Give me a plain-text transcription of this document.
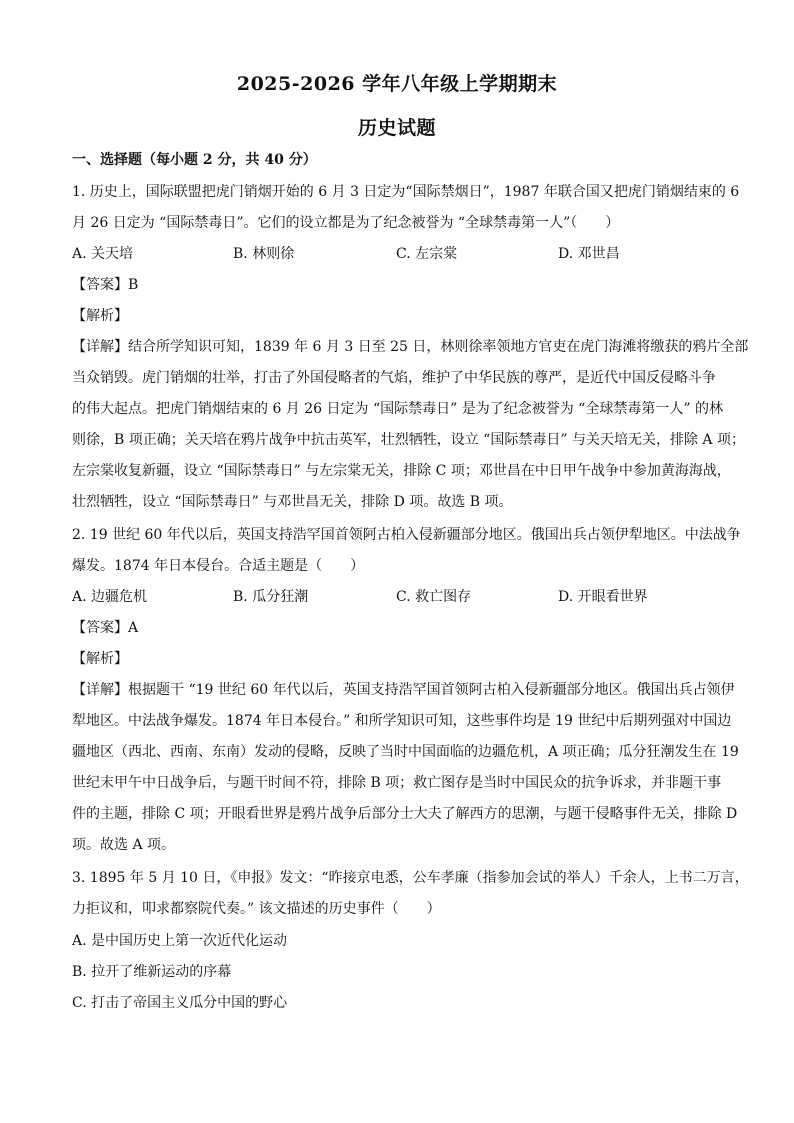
2025-2026 学年八年级上学期期末
历史试题
一、选择题（每小题 2 分，共 40 分）
1. 历史上，国际联盟把虎门销烟开始的 6 月 3 日定为“国际禁烟日”，1987 年联合国又把虎门销烟结束的 6
月 26 日定为 “国际禁毒日”。它们的设立都是为了纪念被誉为 “全球禁毒第一人”（　　）
A. 关天培	B. 林则徐	C. 左宗棠	D. 邓世昌
【答案】B
【解析】
【详解】结合所学知识可知，1839 年 6 月 3 日至 25 日，林则徐率领地方官吏在虎门海滩将缴获的鸦片全部
当众销毁。虎门销烟的壮举，打击了外国侵略者的气焰，维护了中华民族的尊严，是近代中国反侵略斗争
的伟大起点。把虎门销烟结束的 6 月 26 日定为 “国际禁毒日” 是为了纪念被誉为 “全球禁毒第一人” 的林
则徐，B 项正确；关天培在鸦片战争中抗击英军，壮烈牺牲，设立 “国际禁毒日” 与关天培无关，排除 A 项；
左宗棠收复新疆，设立 “国际禁毒日” 与左宗棠无关，排除 C 项；邓世昌在中日甲午战争中参加黄海海战，
壮烈牺牲，设立 “国际禁毒日” 与邓世昌无关，排除 D 项。故选 B 项。
2. 19 世纪 60 年代以后，英国支持浩罕国首领阿古柏入侵新疆部分地区。俄国出兵占领伊犁地区。中法战争
爆发。1874 年日本侵台。合适主题是（　　）
A. 边疆危机	B. 瓜分狂潮	C. 救亡图存	D. 开眼看世界
【答案】A
【解析】
【详解】根据题干 “19 世纪 60 年代以后，英国支持浩罕国首领阿古柏入侵新疆部分地区。俄国出兵占领伊
犁地区。中法战争爆发。1874 年日本侵台。” 和所学知识可知，这些事件均是 19 世纪中后期列强对中国边
疆地区（西北、西南、东南）发动的侵略，反映了当时中国面临的边疆危机，A 项正确；瓜分狂潮发生在 19
世纪末甲午中日战争后，与题干时间不符，排除 B 项；救亡图存是当时中国民众的抗争诉求，并非题干事
件的主题，排除 C 项；开眼看世界是鸦片战争后部分士大夫了解西方的思潮，与题干侵略事件无关，排除 D
项。故选 A 项。
3. 1895 年 5 月 10 日，《申报》发文：“昨接京电悉，公车孝廉（指参加会试的举人）千余人，上书二万言，
力拒议和，叩求都察院代奏。” 该文描述的历史事件（　　）
A. 是中国历史上第一次近代化运动
B. 拉开了维新运动的序幕
C. 打击了帝国主义瓜分中国的野心
